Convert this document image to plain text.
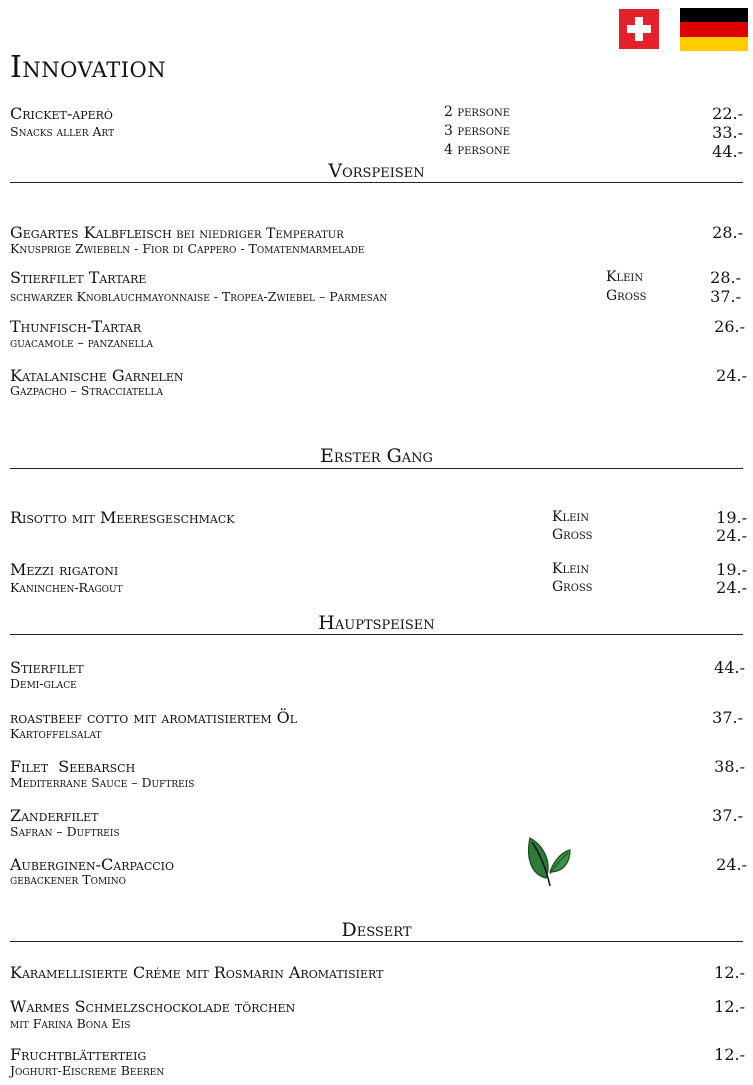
Innovation
Cricket-aperò
Snacks aller Art
2 persone
3 persone
4 persone
22.-
33.-
44.-
Vorspeisen
Gegartes Kalbfleisch bei niedriger Temperatur
Knusprige Zwiebeln - Fior di Cappero - Tomatenmarmelade
28.-
Stierfilet Tartare
schwarzer Knoblauchmayonnaise - Tropea-Zwiebel – Parmesan
Klein
Gross
28.-
37.-
Thunfisch-Tartar
guacamole – panzanella
26.-
Katalanische Garnelen
Gazpacho – Stracciatella
24.-
Erster Gang
Risotto mit Meeresgeschmack	Klein
Gross
19.-
24.-
Mezzi rigatoni
Kaninchen-Ragout
Klein
Gross
19.-
24.-
Hauptspeisen
Stierfilet
Demi-glace
44.-
roastbeef cotto mit aromatisiertem Öl
Kartoffelsalat
37.-
Filet  Seebarsch
Mediterrane Sauce – Duftreis
38.-
Zanderfilet
Safran – Duftreis
37.-
Auberginen-Carpaccio
gebackener Tomino
24.-
Dessert
Karamellisierte Créme mit Rosmarin Aromatisiert	12.-
Warmes Schmelzschockolade törchen
mit Farina Bona Eis
12.-
Fruchtblätterteig
Joghurt-Eiscreme Beeren
12.-
